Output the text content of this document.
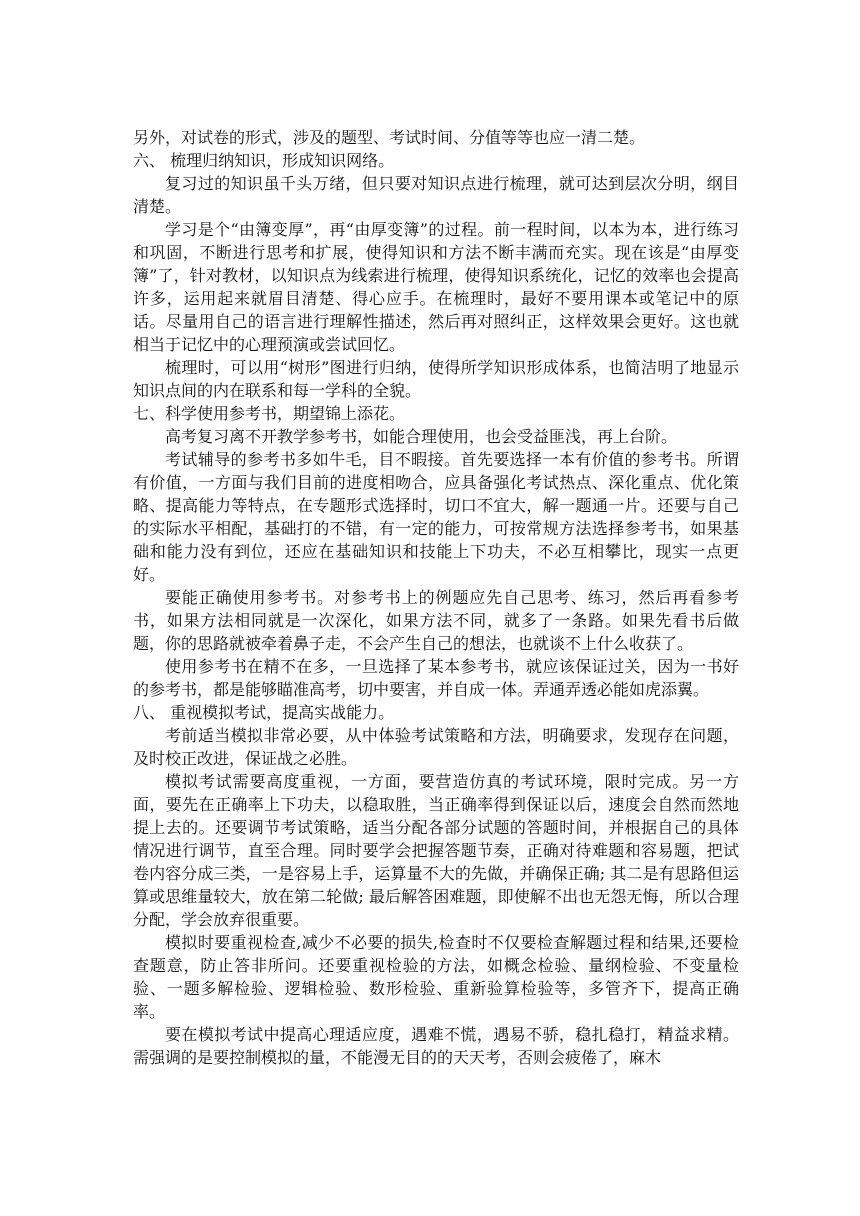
另外，对试卷的形式，涉及的题型、考试时间、分值等等也应一清二楚。

六、 梳理归纳知识，形成知识网络。

复习过的知识虽千头万绪，但只要对知识点进行梳理，就可达到层次分明，纲目清楚。

学习是个“由簿变厚”，再“由厚变簿”的过程。前一程时间，以本为本，进行练习和巩固，不断进行思考和扩展，使得知识和方法不断丰满而充实。现在该是“由厚变簿”了，针对教材，以知识点为线索进行梳理，使得知识系统化，记忆的效率也会提高许多，运用起来就眉目清楚、得心应手。在梳理时，最好不要用课本或笔记中的原话。尽量用自己的语言进行理解性描述，然后再对照纠正，这样效果会更好。这也就相当于记忆中的心理预演或尝试回忆。

梳理时，可以用“树形”图进行归纳，使得所学知识形成体系，也简洁明了地显示知识点间的内在联系和每一学科的全貌。

七、科学使用参考书，期望锦上添花。

高考复习离不开教学参考书，如能合理使用，也会受益匪浅，再上台阶。

考试辅导的参考书多如牛毛，目不暇接。首先要选择一本有价值的参考书。所谓有价值，一方面与我们目前的进度相吻合，应具备强化考试热点、深化重点、优化策略、提高能力等特点，在专题形式选择时，切口不宜大，解一题通一片。还要与自己的实际水平相配，基础打的不错，有一定的能力，可按常规方法选择参考书，如果基础和能力没有到位，还应在基础知识和技能上下功夫，不必互相攀比，现实一点更好。

要能正确使用参考书。对参考书上的例题应先自己思考、练习，然后再看参考书，如果方法相同就是一次深化，如果方法不同，就多了一条路。如果先看书后做题，你的思路就被牵着鼻子走，不会产生自己的想法，也就谈不上什么收获了。

使用参考书在精不在多，一旦选择了某本参考书，就应该保证过关，因为一书好的参考书，都是能够瞄准高考，切中要害，并自成一体。弄通弄透必能如虎添翼。

八、 重视模拟考试，提高实战能力。

考前适当模拟非常必要，从中体验考试策略和方法，明确要求，发现存在问题，及时校正改进，保证战之必胜。

模拟考试需要高度重视，一方面，要营造仿真的考试环境，限时完成。另一方面，要先在正确率上下功夫，以稳取胜，当正确率得到保证以后，速度会自然而然地提上去的。还要调节考试策略，适当分配各部分试题的答题时间，并根据自己的具体情况进行调节，直至合理。同时要学会把握答题节奏，正确对待难题和容易题，把试卷内容分成三类，一是容易上手，运算量不大的先做，并确保正确; 其二是有思路但运算或思维量较大，放在第二轮做; 最后解答困难题，即使解不出也无怨无悔，所以合理分配，学会放弃很重要。

模拟时要重视检查,减少不必要的损失,检查时不仅要检查解题过程和结果,还要检查题意，防止答非所问。还要重视检验的方法，如概念检验、量纲检验、不变量检验、一题多解检验、逻辑检验、数形检验、重新验算检验等，多管齐下，提高正确率。

要在模拟考试中提高心理适应度，遇难不慌，遇易不骄，稳扎稳打，精益求精。需强调的是要控制模拟的量，不能漫无目的的天天考，否则会疲倦了，麻木
